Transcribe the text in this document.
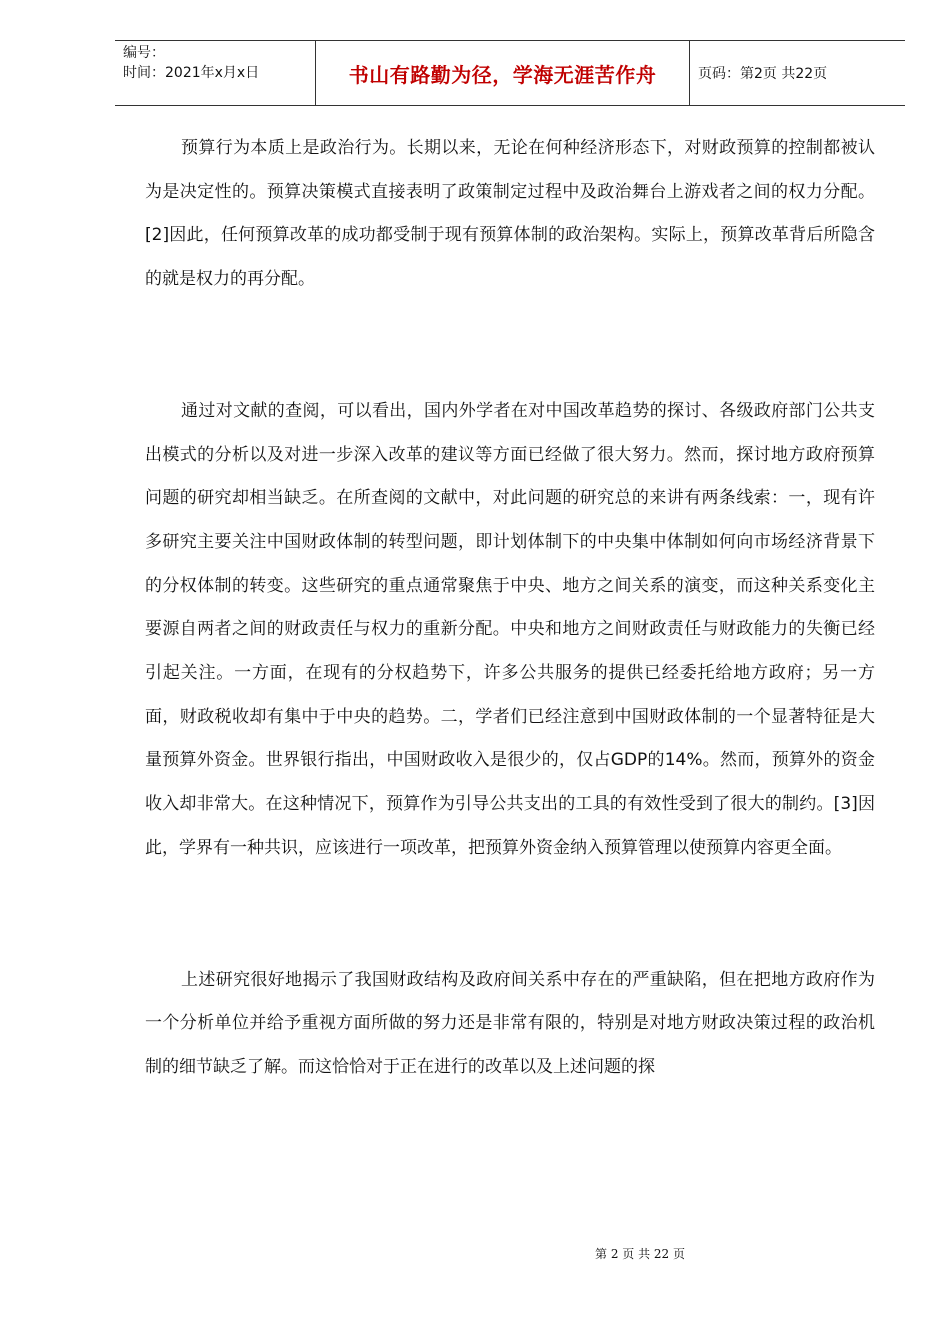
编号：
时间：2021年x月x日	书山有路勤为径，学海无涯苦作舟	页码：第2页 共22页

预算行为本质上是政治行为。长期以来，无论在何种经济形态下，对财政预算的控制都被认为是决定性的。预算决策模式直接表明了政策制定过程中及政治舞台上游戏者之间的权力分配。[2]因此，任何预算改革的成功都受制于现有预算体制的政治架构。实际上，预算改革背后所隐含的就是权力的再分配。

通过对文献的查阅，可以看出，国内外学者在对中国改革趋势的探讨、各级政府部门公共支出模式的分析以及对进一步深入改革的建议等方面已经做了很大努力。然而，探讨地方政府预算问题的研究却相当缺乏。在所查阅的文献中，对此问题的研究总的来讲有两条线索：一，现有许多研究主要关注中国财政体制的转型问题，即计划体制下的中央集中体制如何向市场经济背景下的分权体制的转变。这些研究的重点通常聚焦于中央、地方之间关系的演变，而这种关系变化主要源自两者之间的财政责任与权力的重新分配。中央和地方之间财政责任与财政能力的失衡已经引起关注。一方面，在现有的分权趋势下，许多公共服务的提供已经委托给地方政府；另一方面，财政税收却有集中于中央的趋势。二，学者们已经注意到中国财政体制的一个显著特征是大量预算外资金。世界银行指出，中国财政收入是很少的，仅占GDP的14%。然而，预算外的资金收入却非常大。在这种情况下，预算作为引导公共支出的工具的有效性受到了很大的制约。[3]因此，学界有一种共识，应该进行一项改革，把预算外资金纳入预算管理以使预算内容更全面。

上述研究很好地揭示了我国财政结构及政府间关系中存在的严重缺陷，但在把地方政府作为一个分析单位并给予重视方面所做的努力还是非常有限的，特别是对地方财政决策过程的政治机制的细节缺乏了解。而这恰恰对于正在进行的改革以及上述问题的探

第 2 页 共 22 页
